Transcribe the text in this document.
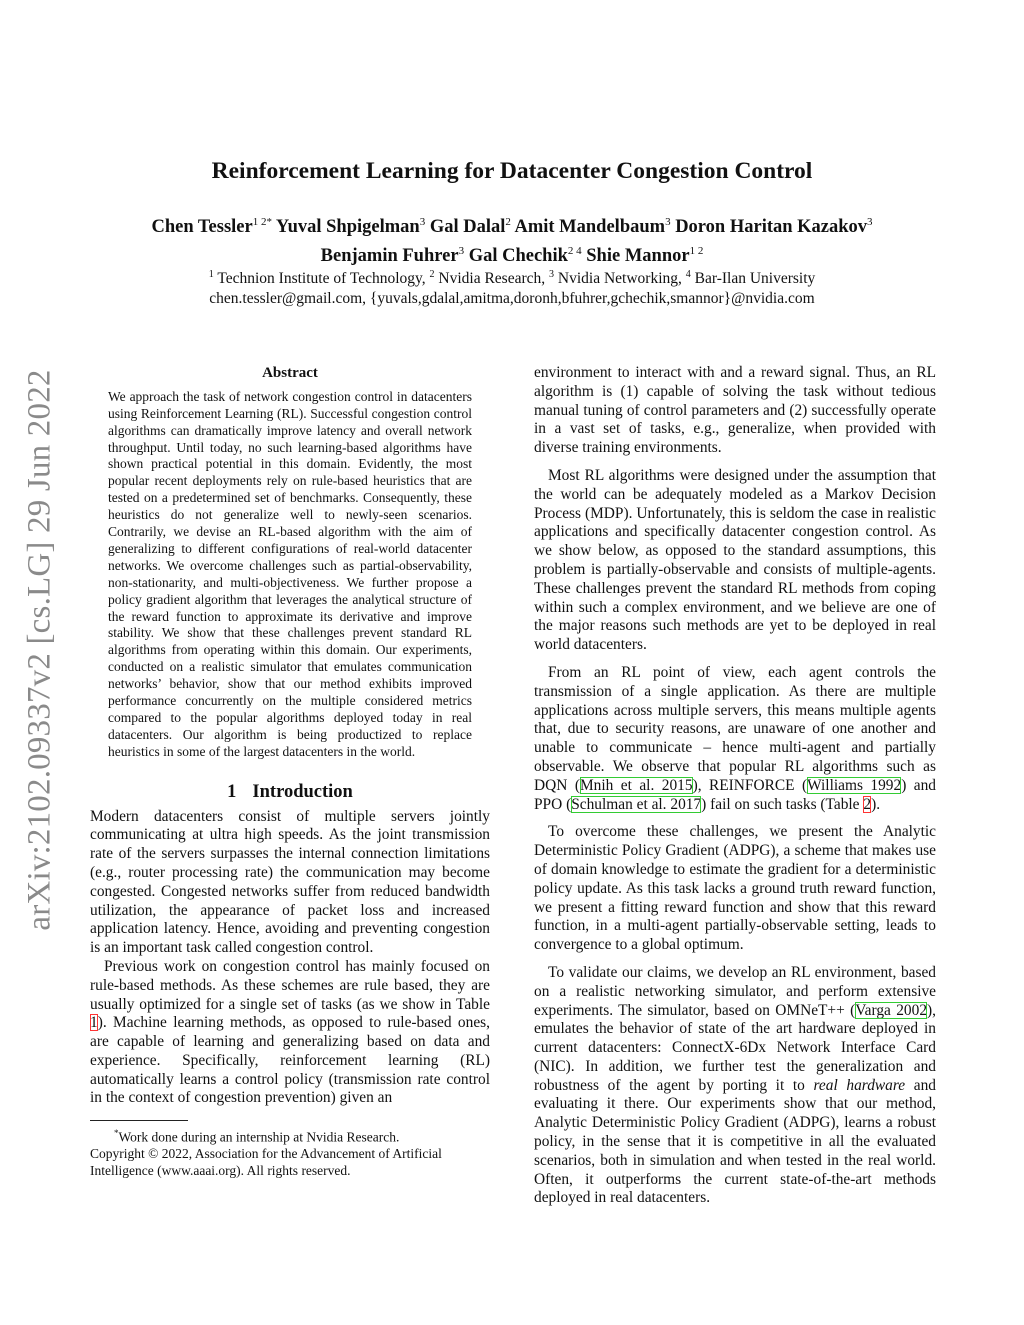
arXiv:2102.09337v2 [cs.LG] 29 Jun 2022
Reinforcement Learning for Datacenter Congestion Control
Chen Tessler$^{1 2*}$ Yuval Shpigelman$^3$ Gal Dalal$^2$ Amit Mandelbaum$^3$ Doron Haritan Kazakov$^3$
Benjamin Fuhrer$^3$ Gal Chechik$^{2 4}$ Shie Mannor$^{1 2}$
$^1$ Technion Institute of Technology, $^2$ Nvidia Research, $^3$ Nvidia Networking, $^4$ Bar-Ilan University
chen.tessler@gmail.com, {yuvals,gdalal,amitma,doronh,bfuhrer,gchechik,smannor}@nvidia.com
Abstract

We approach the task of network congestion control in datacenters using Reinforcement Learning (RL). Successful congestion control algorithms can dramatically improve latency and overall network throughput. Until today, no such learning-based algorithms have shown practical potential in this domain. Evidently, the most popular recent deployments rely on rule-based heuristics that are tested on a predetermined set of benchmarks. Consequently, these heuristics do not generalize well to newly-seen scenarios. Contrarily, we devise an RL-based algorithm with the aim of generalizing to different configurations of real-world datacenter networks. We overcome challenges such as partial-observability, non-stationarity, and multi-objectiveness. We further propose a policy gradient algorithm that leverages the analytical structure of the reward function to approximate its derivative and improve stability. We show that these challenges prevent standard RL algorithms from operating within this domain. Our experiments, conducted on a realistic simulator that emulates communication networks’ behavior, show that our method exhibits improved performance concurrently on the multiple considered metrics compared to the popular algorithms deployed today in real datacenters. Our algorithm is being productized to replace heuristics in some of the largest datacenters in the world.

1 Introduction

Modern datacenters consist of multiple servers jointly communicating at ultra high speeds. As the joint transmission rate of the servers surpasses the internal connection limitations (e.g., router processing rate) the communication may become congested. Congested networks suffer from reduced bandwidth utilization, the appearance of packet loss and increased application latency. Hence, avoiding and preventing congestion is an important task called congestion control.

Previous work on congestion control has mainly focused on rule-based methods. As these schemes are rule based, they are usually optimized for a single set of tasks (as we show in Table 1). Machine learning methods, as opposed to rule-based ones, are capable of learning and generalizing based on data and experience. Specifically, reinforcement learning (RL) automatically learns a control policy (transmission rate control in the context of congestion prevention) given an

*Work done during an internship at Nvidia Research.

Copyright © 2022, Association for the Advancement of Artificial Intelligence (www.aaai.org). All rights reserved.

environment to interact with and a reward signal. Thus, an RL algorithm is (1) capable of solving the task without tedious manual tuning of control parameters and (2) successfully operate in a vast set of tasks, e.g., generalize, when provided with diverse training environments.

Most RL algorithms were designed under the assumption that the world can be adequately modeled as a Markov Decision Process (MDP). Unfortunately, this is seldom the case in realistic applications and specifically datacenter congestion control. As we show below, as opposed to the standard assumptions, this problem is partially-observable and consists of multiple-agents. These challenges prevent the standard RL methods from coping within such a complex environment, and we believe are one of the major reasons such methods are yet to be deployed in real world datacenters.

From an RL point of view, each agent controls the transmission of a single application. As there are multiple applications across multiple servers, this means multiple agents that, due to security reasons, are unaware of one another and unable to communicate – hence multi-agent and partially observable. We observe that popular RL algorithms such as DQN (Mnih et al. 2015), REINFORCE (Williams 1992) and PPO (Schulman et al. 2017) fail on such tasks (Table 2).

To overcome these challenges, we present the Analytic Deterministic Policy Gradient (ADPG), a scheme that makes use of domain knowledge to estimate the gradient for a deterministic policy update. As this task lacks a ground truth reward function, we present a fitting reward function and show that this reward function, in a multi-agent partially-observable setting, leads to convergence to a global optimum.

To validate our claims, we develop an RL environment, based on a realistic networking simulator, and perform extensive experiments. The simulator, based on OMNeT++ (Varga 2002), emulates the behavior of state of the art hardware deployed in current datacenters: ConnectX-6Dx Network Interface Card (NIC). In addition, we further test the generalization and robustness of the agent by porting it to real hardware and evaluating it there. Our experiments show that our method, Analytic Deterministic Policy Gradient (ADPG), learns a robust policy, in the sense that it is competitive in all the evaluated scenarios, both in simulation and when tested in the real world. Often, it outperforms the current state-of-the-art methods deployed in real datacenters.
